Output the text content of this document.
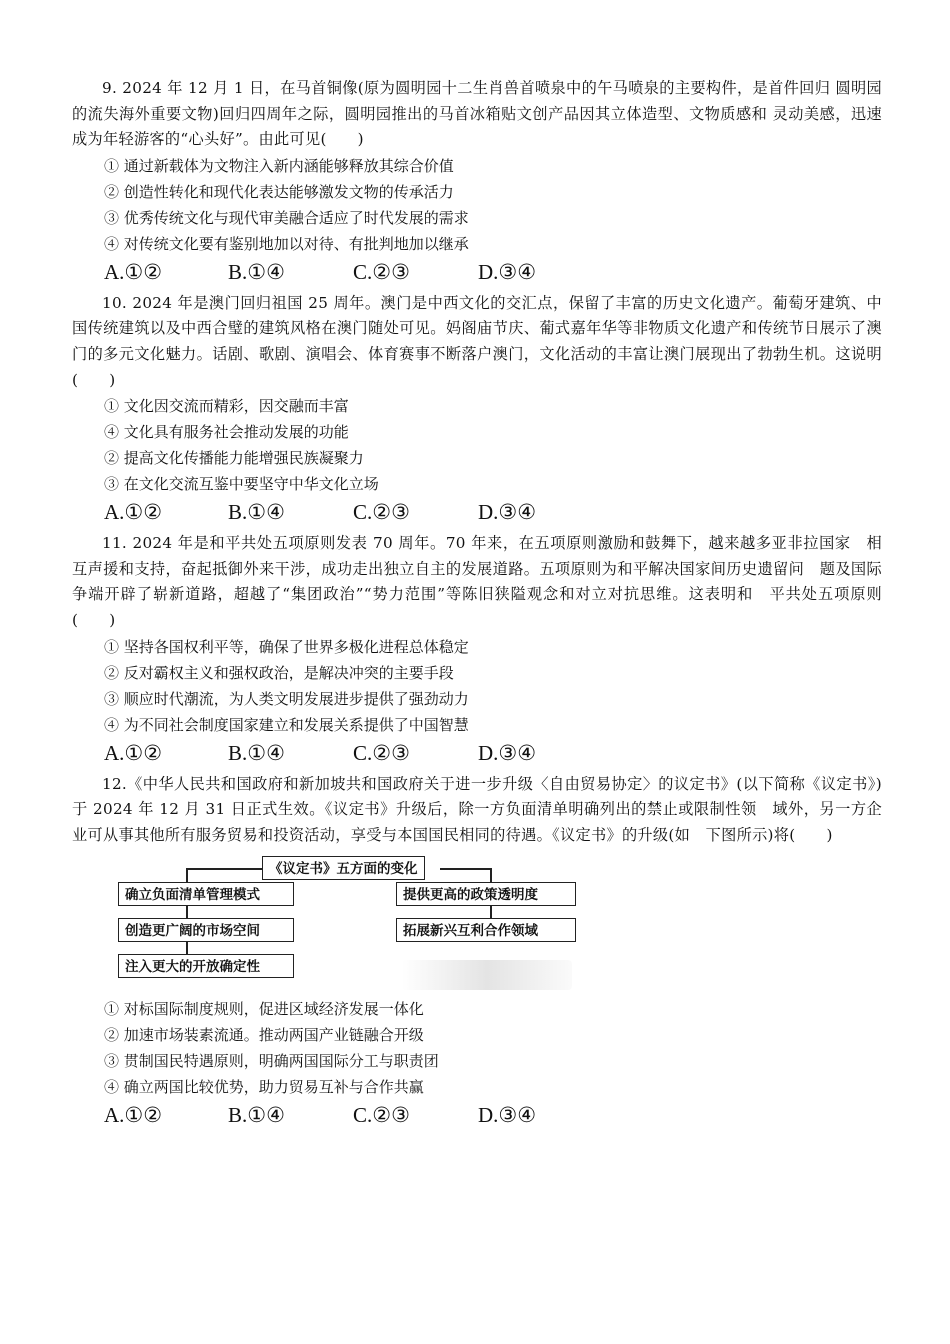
9. 2024 年 12 月 1 日，在马首铜像(原为圆明园十二生肖兽首喷泉中的午马喷泉的主要构件，是首件回归 圆明园的流失海外重要文物)回归四周年之际，圆明园推出的马首冰箱贴文创产品因其立体造型、文物质感和 灵动美感，迅速成为年轻游客的“心头好”。由此可见(　　)

① 通过新载体为文物注入新内涵能够释放其综合价值

② 创造性转化和现代化表达能够激发文物的传承活力

③ 优秀传统文化与现代审美融合适应了时代发展的需求

④ 对传统文化要有鉴别地加以对待、有批判地加以继承

A.①②	B.①④	C.②③	D.③④

10. 2024 年是澳门回归祖国 25 周年。澳门是中西文化的交汇点，保留了丰富的历史文化遗产。葡萄牙建筑、中国传统建筑以及中西合璧的建筑风格在澳门随处可见。妈阁庙节庆、葡式嘉年华等非物质文化遗产和传统节日展示了澳门的多元文化魅力。话剧、歌剧、演唱会、体育赛事不断落户澳门，文化活动的丰富让澳门展现出了勃勃生机。这说明(　　)

① 文化因交流而精彩，因交融而丰富

④ 文化具有服务社会推动发展的功能

② 提高文化传播能力能增强民族凝聚力

③ 在文化交流互鉴中要坚守中华文化立场

A.①②	B.①④	C.②③	D.③④

11. 2024 年是和平共处五项原则发表 70 周年。70 年来，在五项原则激励和鼓舞下，越来越多亚非拉国家　相互声援和支持，奋起抵御外来干涉，成功走出独立自主的发展道路。五项原则为和平解决国家间历史遗留问　题及国际争端开辟了崭新道路，超越了“集团政治”“势力范围”等陈旧狭隘观念和对立对抗思维。这表明和　平共处五项原则(　　)

① 坚持各国权利平等，确保了世界多极化进程总体稳定

② 反对霸权主义和强权政治，是解决冲突的主要手段

③ 顺应时代潮流，为人类文明发展进步提供了强劲动力

④ 为不同社会制度国家建立和发展关系提供了中国智慧

A.①②	B.①④	C.②③	D.③④

12.《中华人民共和国政府和新加坡共和国政府关于进一步升级〈自由贸易协定〉的议定书》(以下简称《议定书》)于 2024 年 12 月 31 日正式生效。《议定书》升级后，除一方负面清单明确列出的禁止或限制性领　域外，另一方企业可从事其他所有服务贸易和投资活动，享受与本国国民相同的待遇。《议定书》的升级(如　下图所示)将(　　)

《议定书》五方面的变化
确立负面清单管理模式
创造更广阔的市场空间
注入更大的开放确定性
提供更高的政策透明度
拓展新兴互利合作领域

① 对标国际制度规则，促进区域经济发展一体化

② 加速市场装素流通。推动两国产业链融合开级

③ 贯制国民特遇原则，明确两国国际分工与职责团

④ 确立两国比较优势，助力贸易互补与合作共赢

A.①②	B.①④	C.②③	D.③④
